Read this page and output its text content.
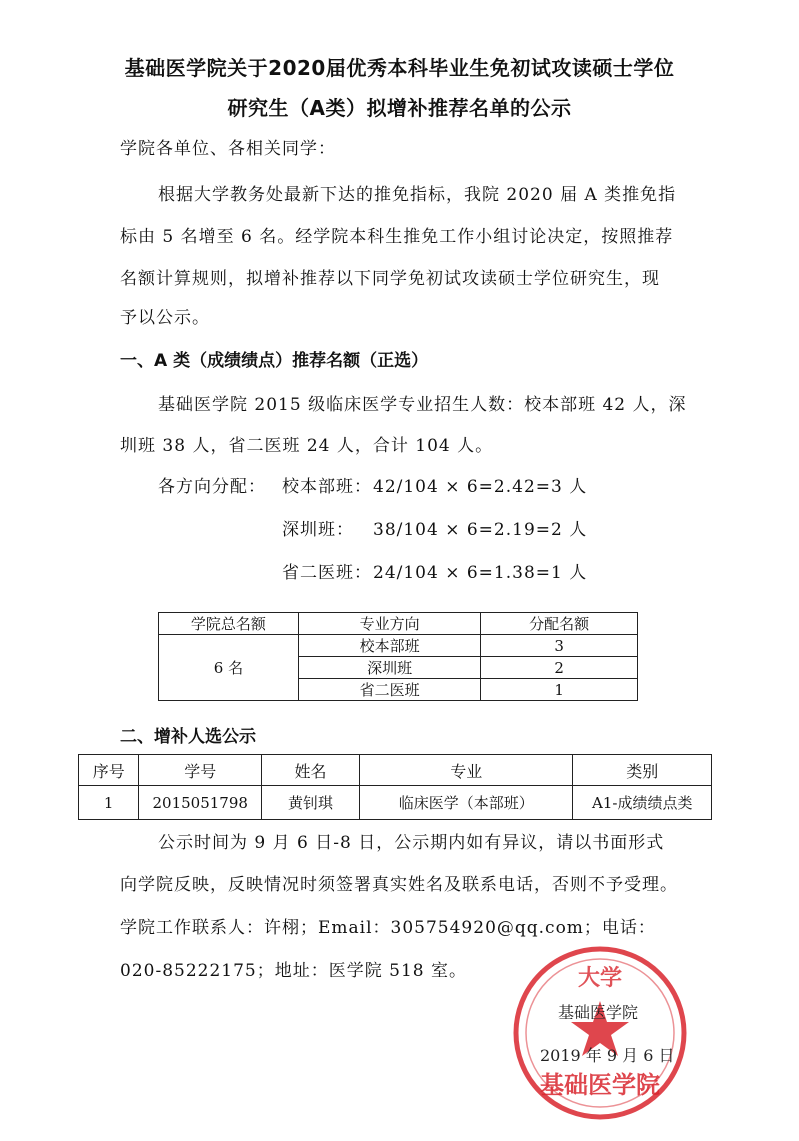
基础医学院关于2020届优秀本科毕业生免初试攻读硕士学位
研究生（A类）拟增补推荐名单的公示
学院各单位、各相关同学：
根据大学教务处最新下达的推免指标，我院 2020 届 A 类推免指
标由 5 名增至 6 名。经学院本科生推免工作小组讨论决定，按照推荐
名额计算规则，拟增补推荐以下同学免初试攻读硕士学位研究生，现
予以公示。
一、A 类（成绩绩点）推荐名额（正选）
基础医学院 2015 级临床医学专业招生人数：校本部班 42 人，深
圳班 38 人，省二医班 24 人，合计 104 人。
各方向分配： 校本部班： 42/104 × 6=2.42=3 人
深圳班： 38/104 × 6=2.19=2 人
省二医班： 24/104 × 6=1.38=1 人
学院总名额	专业方向	分配名额
6 名	校本部班	3
	深圳班	2
	省二医班	1
二、增补人选公示
序号	学号	姓名	专业	类别
1	2015051798	黄钊琪	临床医学（本部班）	A1-成绩绩点类
公示时间为 9 月 6 日-8 日，公示期内如有异议，请以书面形式
向学院反映，反映情况时须签署真实姓名及联系电话，否则不予受理。
学院工作联系人：许栩；Email：305754920@qq.com；电话：
020-85222175；地址：医学院 518 室。	大学
基础医学院
基础医学院
2019 年 9 月 6 日
